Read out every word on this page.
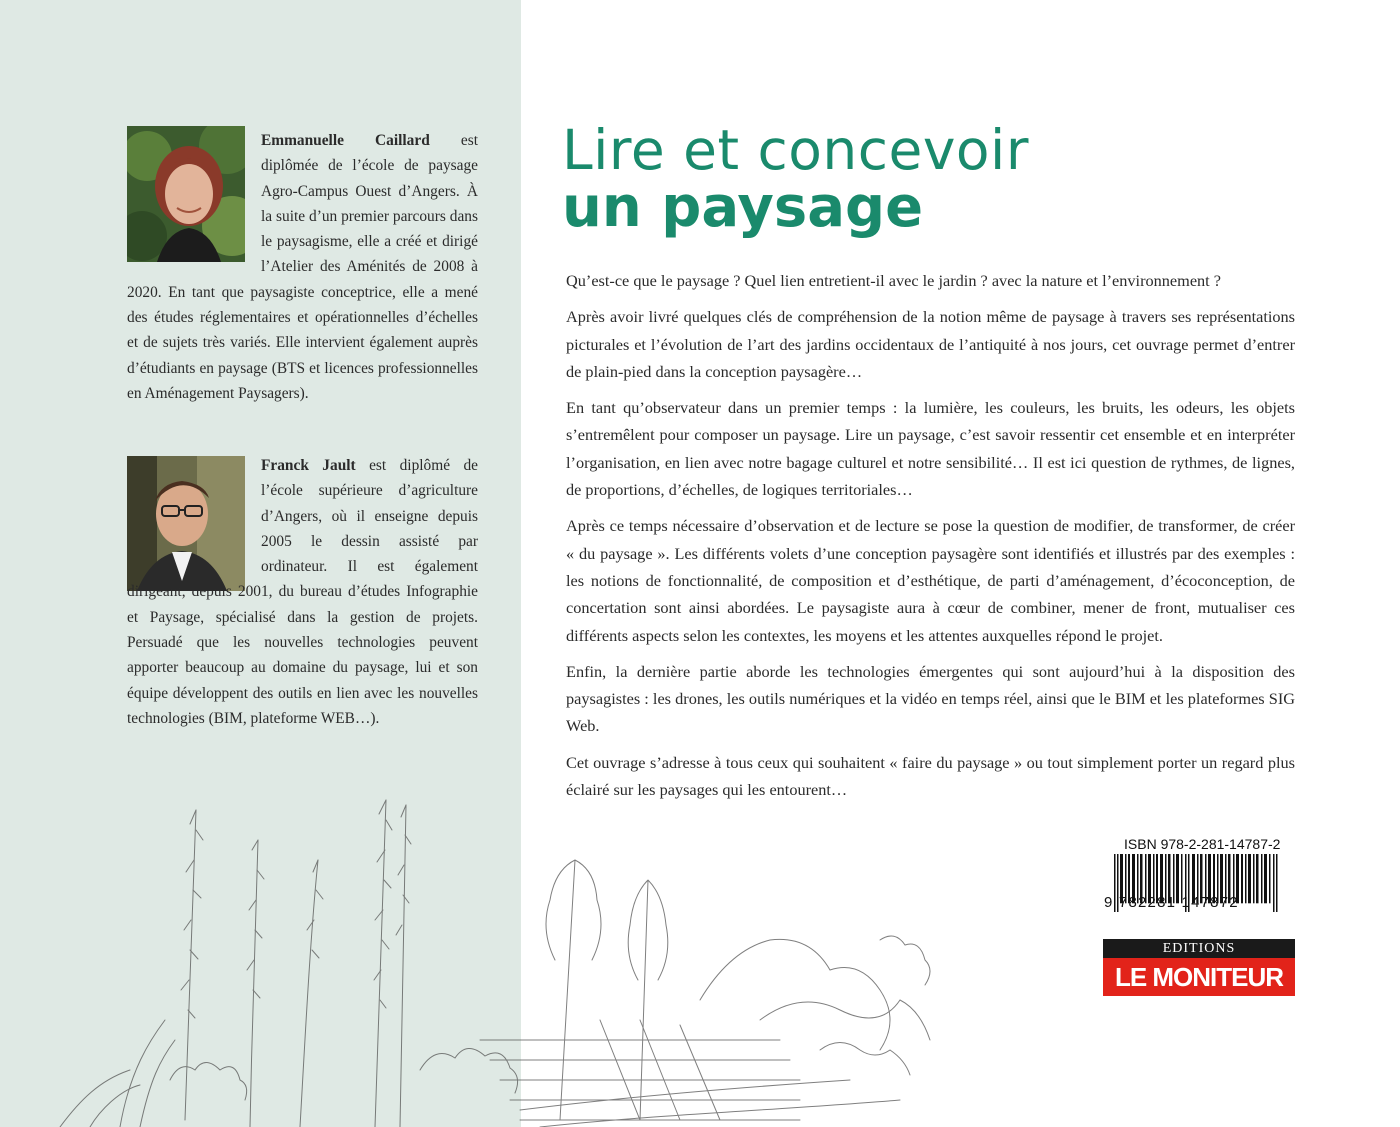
Emmanuelle Caillard est diplômée de l’école de paysage Agro-Campus Ouest d’Angers. À la suite d’un premier parcours dans le paysagisme, elle a créé et dirigé l’Atelier des Aménités de 2008 à 2020. En tant que paysagiste conceptrice, elle a mené des études réglementaires et opérationnelles d’échelles et de sujets très variés. Elle intervient également auprès d’étudiants en paysage (BTS et licences professionnelles en Aménagement Paysagers).
Franck Jault est diplômé de l’école supérieure d’agriculture d’Angers, où il enseigne depuis 2005 le dessin assisté par ordinateur. Il est également dirigeant, depuis 2001, du bureau d’études Infographie et Paysage, spécialisé dans la gestion de projets. Persuadé que les nouvelles technologies peuvent apporter beaucoup au domaine du paysage, lui et son équipe développent des outils en lien avec les nouvelles technologies (BIM, plateforme WEB…).
Lire et concevoir
un paysage

Qu’est-ce que le paysage ? Quel lien entretient-il avec le jardin ? avec la nature et l’environnement ?

Après avoir livré quelques clés de compréhension de la notion même de paysage à travers ses représentations picturales et l’évolution de l’art des jardins occidentaux de l’antiquité à nos jours, cet ouvrage permet d’entrer de plain-pied dans la conception paysagère…

En tant qu’observateur dans un premier temps : la lumière, les couleurs, les bruits, les odeurs, les objets s’entremêlent pour composer un paysage. Lire un paysage, c’est savoir ressentir cet ensemble et en interpréter l’organisation, en lien avec notre bagage culturel et notre sensibilité… Il est ici question de rythmes, de lignes, de proportions, d’échelles, de logiques territoriales…

Après ce temps nécessaire d’observation et de lecture se pose la question de modifier, de transformer, de créer « du paysage ». Les différents volets d’une conception paysagère sont identifiés et illustrés par des exemples : les notions de fonctionnalité, de composition et d’esthétique, de parti d’aménagement, d’écoconception, de concertation sont ainsi abordées. Le paysagiste aura à cœur de combiner, mener de front, mutualiser ces différents aspects selon les contextes, les moyens et les attentes auxquelles répond le projet.

Enfin, la dernière partie aborde les technologies émergentes qui sont aujourd’hui à la disposition des paysagistes : les drones, les outils numériques et la vidéo en temps réel, ainsi que le BIM et les plateformes SIG Web.

Cet ouvrage s’adresse à tous ceux qui souhaitent « faire du paysage » ou tout simplement porter un regard plus éclairé sur les paysages qui les entourent…

ISBN 978-2-281-14787-2
9 782281 147872
EDITIONS
LE MONITEUR
